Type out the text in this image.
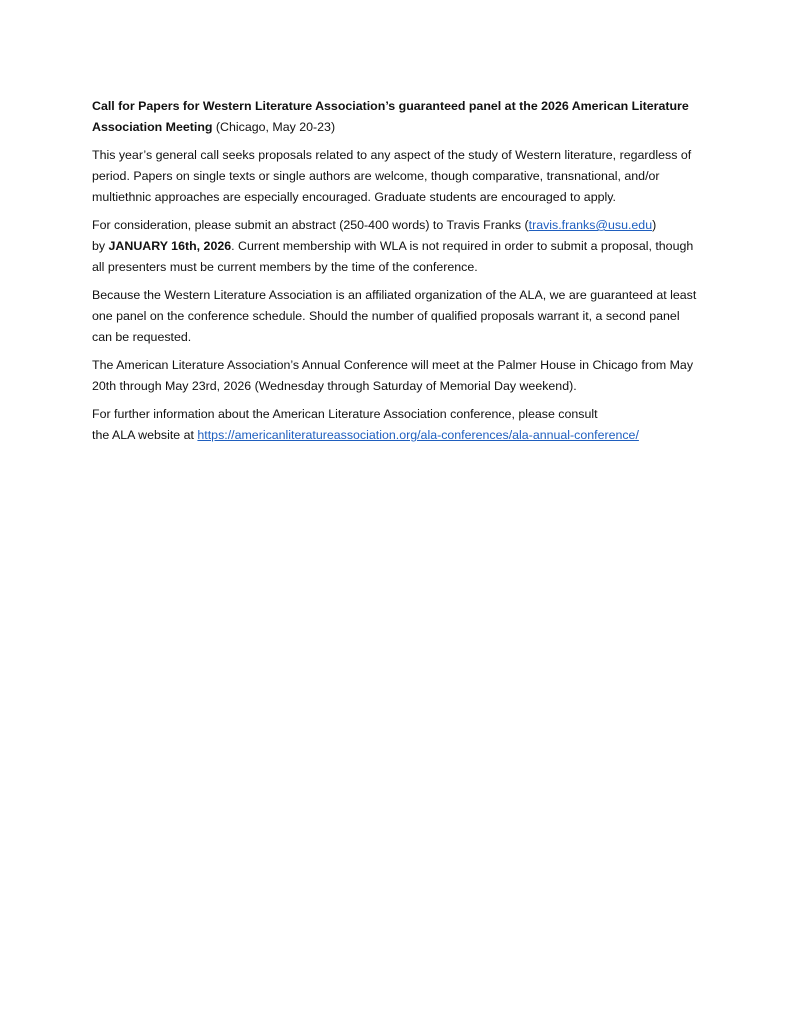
Call for Papers for Western Literature Association’s guaranteed panel at the 2026 American Literature Association Meeting (Chicago, May 20-23)

This year’s general call seeks proposals related to any aspect of the study of Western literature, regardless of period. Papers on single texts or single authors are welcome, though comparative, transnational, and/or multiethnic approaches are especially encouraged. Graduate students are encouraged to apply.

For consideration, please submit an abstract (250-400 words) to Travis Franks (travis.franks@usu.edu)
by JANUARY 16th, 2026. Current membership with WLA is not required in order to submit a proposal, though all presenters must be current members by the time of the conference.

Because the Western Literature Association is an affiliated organization of the ALA, we are guaranteed at least one panel on the conference schedule. Should the number of qualified proposals warrant it, a second panel can be requested.

The American Literature Association’s Annual Conference will meet at the Palmer House in Chicago from May 20th through May 23rd, 2026 (Wednesday through Saturday of Memorial Day weekend).

For further information about the American Literature Association conference, please consult
the ALA website at https://americanliteratureassociation.org/ala-conferences/ala-annual-conference/
